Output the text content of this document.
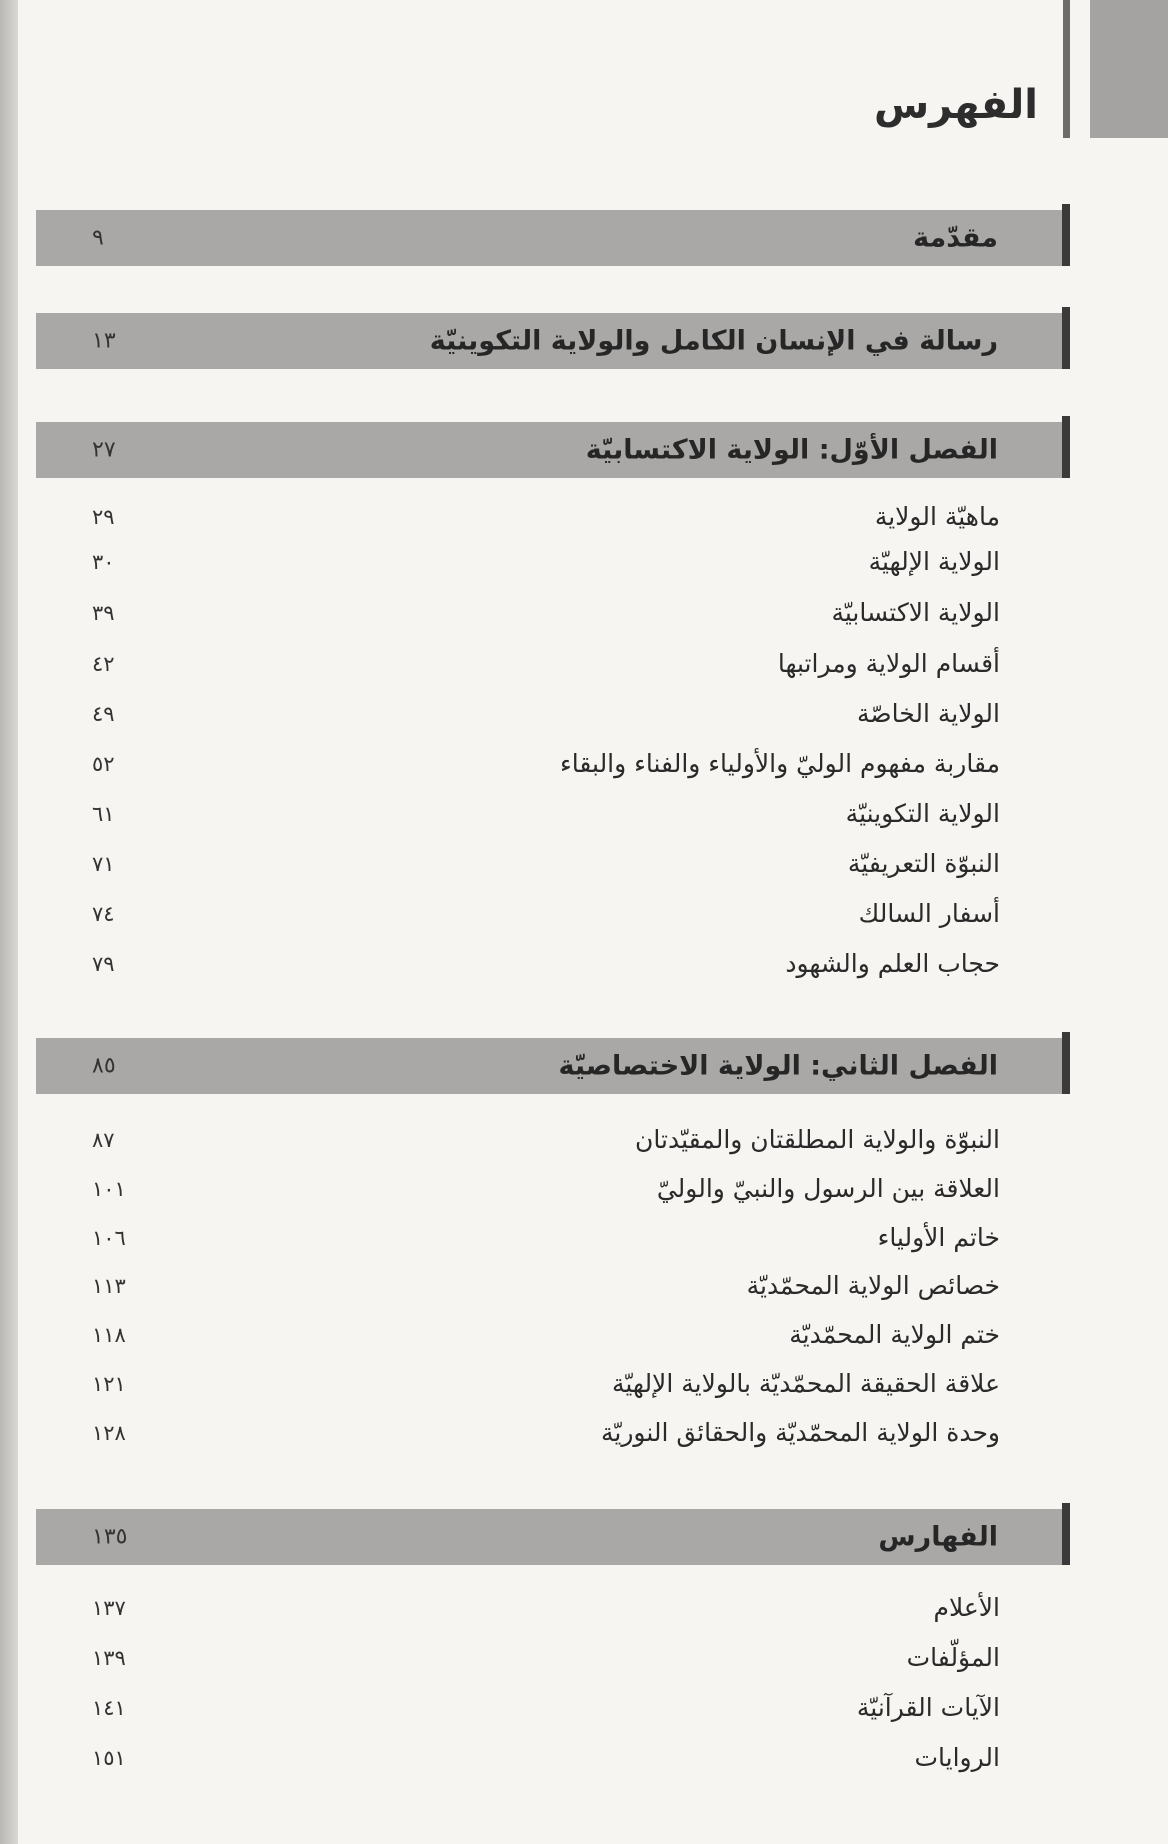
الفهرس
مقدّمة
٩
رسالة في الإنسان الكامل والولاية التكوينيّة
١٣
الفصل الأوّل: الولاية الاكتسابيّة
٢٧
ماهيّة الولاية
٢٩
الولاية الإلهيّة
٣٠
الولاية الاكتسابيّة
٣٩
أقسام الولاية ومراتبها
٤٢
الولاية الخاصّة
٤٩
مقاربة مفهوم الوليّ والأولياء والفناء والبقاء
٥٢
الولاية التكوينيّة
٦١
النبوّة التعريفيّة
٧١
أسفار السالك
٧٤
حجاب العلم والشهود
٧٩
الفصل الثاني: الولاية الاختصاصيّة
٨٥
النبوّة والولاية المطلقتان والمقيّدتان
٨٧
العلاقة بين الرسول والنبيّ والوليّ
١٠١
خاتم الأولياء
١٠٦
خصائص الولاية المحمّديّة
١١٣
ختم الولاية المحمّديّة
١١٨
علاقة الحقيقة المحمّديّة بالولاية الإلهيّة
١٢١
وحدة الولاية المحمّديّة والحقائق النوريّة
١٢٨
الفهارس
١٣٥
الأعلام
١٣٧
المؤلّفات
١٣٩
الآيات القرآنيّة
١٤١
الروايات
١٥١
